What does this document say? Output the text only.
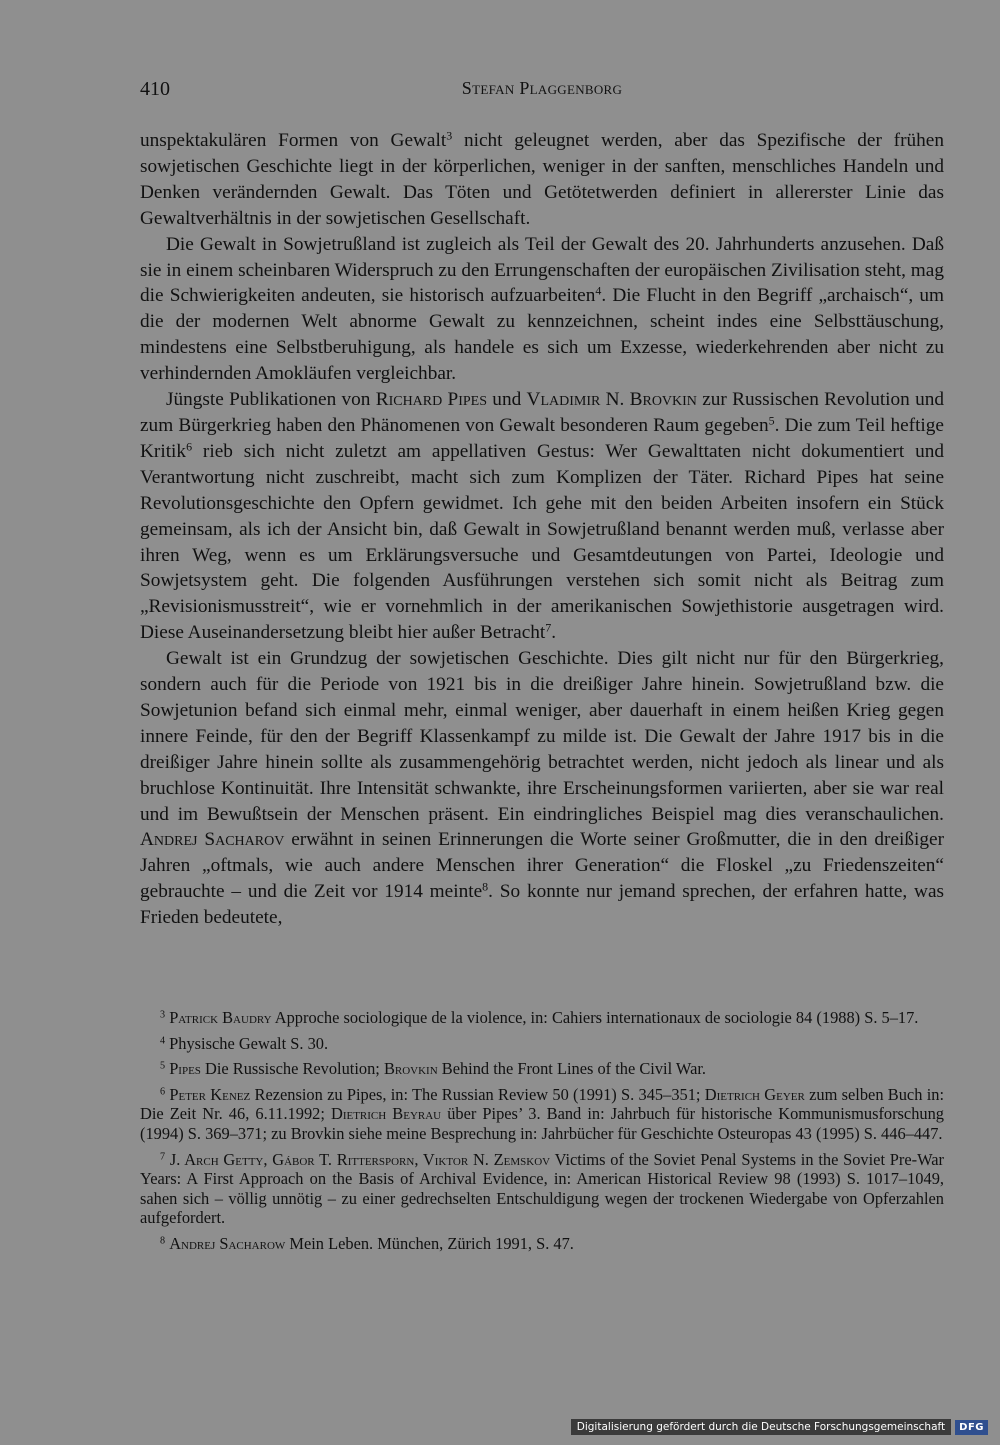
410	Stefan Plaggenborg

unspektakulären Formen von Gewalt$^3$ nicht geleugnet werden, aber das Spezifische der frühen sowjetischen Geschichte liegt in der körperlichen, weniger in der sanften, menschliches Handeln und Denken verändernden Gewalt. Das Töten und Getötetwerden definiert in allererster Linie das Gewaltverhältnis in der sowjetischen Gesellschaft.

Die Gewalt in Sowjetrußland ist zugleich als Teil der Gewalt des 20. Jahrhunderts anzusehen. Daß sie in einem scheinbaren Widerspruch zu den Errungenschaften der europäischen Zivilisation steht, mag die Schwierigkeiten andeuten, sie historisch aufzuarbeiten$^4$. Die Flucht in den Begriff „archaisch“, um die der modernen Welt abnorme Gewalt zu kennzeichnen, scheint indes eine Selbsttäuschung, mindestens eine Selbstberuhigung, als handele es sich um Exzesse, wiederkehrenden aber nicht zu verhindernden Amokläufen vergleichbar.

Jüngste Publikationen von Richard Pipes und Vladimir N. Brovkin zur Russischen Revolution und zum Bürgerkrieg haben den Phänomenen von Gewalt besonderen Raum gegeben$^5$. Die zum Teil heftige Kritik$^6$ rieb sich nicht zuletzt am appellativen Gestus: Wer Gewalttaten nicht dokumentiert und Verantwortung nicht zuschreibt, macht sich zum Komplizen der Täter. Richard Pipes hat seine Revolutionsgeschichte den Opfern gewidmet. Ich gehe mit den beiden Arbeiten insofern ein Stück gemeinsam, als ich der Ansicht bin, daß Gewalt in Sowjetrußland benannt werden muß, verlasse aber ihren Weg, wenn es um Erklärungsversuche und Gesamtdeutungen von Partei, Ideologie und Sowjetsystem geht. Die folgenden Ausführungen verstehen sich somit nicht als Beitrag zum „Revisionismusstreit“, wie er vornehmlich in der amerikanischen Sowjethistorie ausgetragen wird. Diese Auseinandersetzung bleibt hier außer Betracht$^7$.

Gewalt ist ein Grundzug der sowjetischen Geschichte. Dies gilt nicht nur für den Bürgerkrieg, sondern auch für die Periode von 1921 bis in die dreißiger Jahre hinein. Sowjetrußland bzw. die Sowjetunion befand sich einmal mehr, einmal weniger, aber dauerhaft in einem heißen Krieg gegen innere Feinde, für den der Begriff Klassenkampf zu milde ist. Die Gewalt der Jahre 1917 bis in die dreißiger Jahre hinein sollte als zusammengehörig betrachtet werden, nicht jedoch als linear und als bruchlose Kontinuität. Ihre Intensität schwankte, ihre Erscheinungsformen variierten, aber sie war real und im Bewußtsein der Menschen präsent. Ein eindringliches Beispiel mag dies veranschaulichen. Andrej Sacharov erwähnt in seinen Erinnerungen die Worte seiner Großmutter, die in den dreißiger Jahren „oftmals, wie auch andere Menschen ihrer Generation“ die Floskel „zu Friedenszeiten“ gebrauchte – und die Zeit vor 1914 meinte$^8$. So konnte nur jemand sprechen, der erfahren hatte, was Frieden bedeutete,

$^3$ Patrick Baudry Approche sociologique de la violence, in: Cahiers internationaux de sociologie 84 (1988) S. 5–17.

$^4$ Physische Gewalt S. 30.

$^5$ Pipes Die Russische Revolution; Brovkin Behind the Front Lines of the Civil War.

$^6$ Peter Kenez Rezension zu Pipes, in: The Russian Review 50 (1991) S. 345–351; Dietrich Geyer zum selben Buch in: Die Zeit Nr. 46, 6.11.1992; Dietrich Beyrau über Pipes’ 3. Band in: Jahrbuch für historische Kommunismusforschung (1994) S. 369–371; zu Brovkin siehe meine Besprechung in: Jahrbücher für Geschichte Osteuropas 43 (1995) S. 446–447.

$^7$ J. Arch Getty, Gábor T. Rittersporn, Viktor N. Zemskov Victims of the Soviet Penal Systems in the Soviet Pre-War Years: A First Approach on the Basis of Archival Evidence, in: American Historical Review 98 (1993) S. 1017–1049, sahen sich – völlig unnötig – zu einer gedrechselten Entschuldigung wegen der trockenen Wiedergabe von Opferzahlen aufgefordert.

$^8$ Andrej Sacharow Mein Leben. München, Zürich 1991, S. 47.

Digitalisierung gefördert durch die Deutsche Forschungsgemeinschaft	DFG
